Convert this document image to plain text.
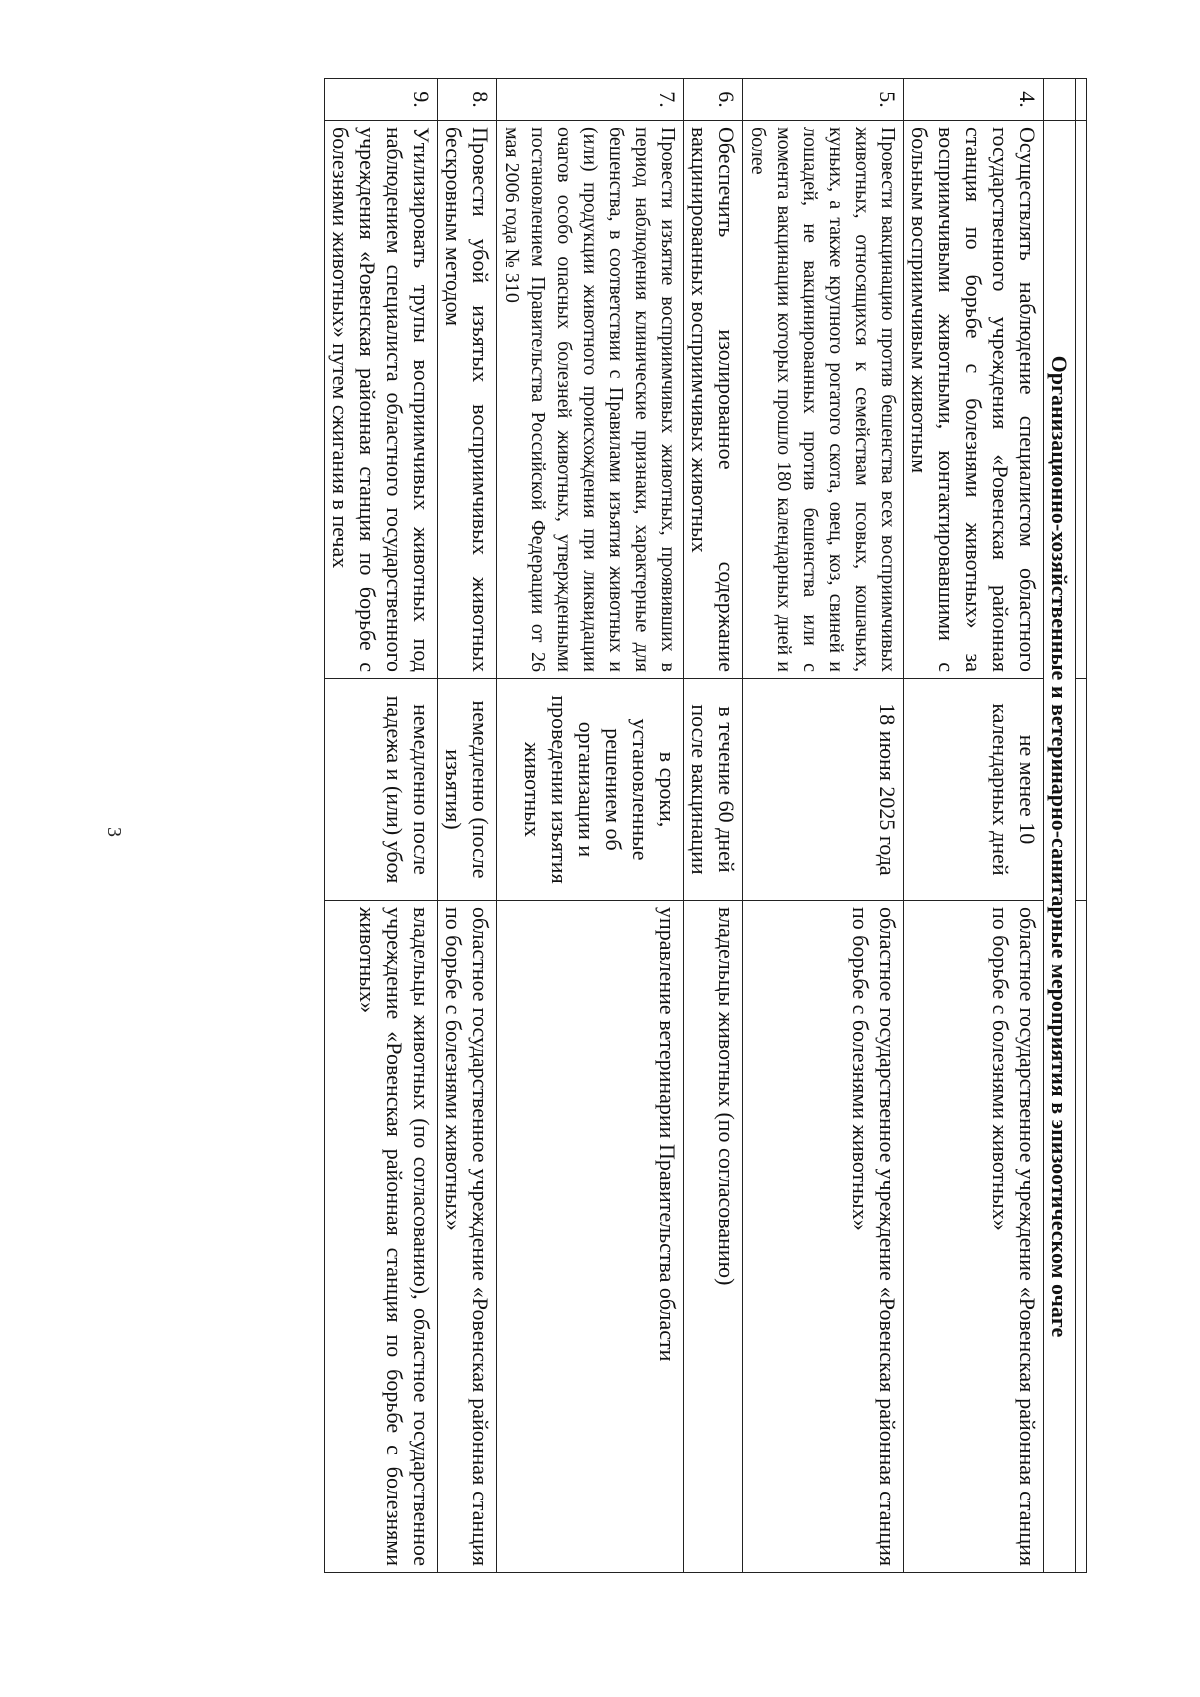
3

		Организационно-хозяйственные и ветеринарно-санитарные мероприятия в эпизоотическом очаге		
4.	Осуществлять наблюдение специалистом областного государственного учреждения «Ровенская районная станция по борьбе с болезнями животных» за восприимчивыми животными, контактировавшими с больным восприимчивым животным	не менее 10 календарных дней	областное государственное учреждение «Ровенская районная станция по борьбе с болезнями животных»
5.	Провести вакцинацию против бешенства всех восприимчивых животных, относящихся к семействам псовых, кошачьих, куньих, а также крупного рогатого скота, овец, коз, свиней и лошадей, не вакцинированных против бешенства или с момента вакцинации которых прошло 180 календарных дней и более	18 июня 2025 года	областное государственное учреждение «Ровенская районная станция по борьбе с болезнями животных»
6.	Обеспечить изолированное содержание вакцинированных восприимчивых животных	в течение 60 дней после вакцинации	владельцы животных (по согласованию)
7.	Провести изъятие восприимчивых животных, проявивших в период наблюдения клинические признаки, характерные для бешенства, в соответствии с Правилами изъятия животных и (или) продукции животного происхождения при ликвидации очагов особо опасных болезней животных, утвержденными постановлением Правительства Российской Федерации от 26 мая 2006 года № 310	в сроки, установленные решением об организации и проведении изъятия животных	управление ветеринарии Правительства области
8.	Провести убой изъятых восприимчивых животных бескровным методом	немедленно (после изъятия)	областное государственное учреждение «Ровенская районная станция по борьбе с болезнями животных»
9.	Утилизировать трупы восприимчивых животных под наблюдением специалиста областного государственного учреждения «Ровенская районная станция по борьбе с болезнями животных» путем сжигания в печах	немедленно после падежа и (или) убоя	владельцы животных (по согласованию), областное государственное учреждение «Ровенская районная станция по борьбе с болезнями животных»
